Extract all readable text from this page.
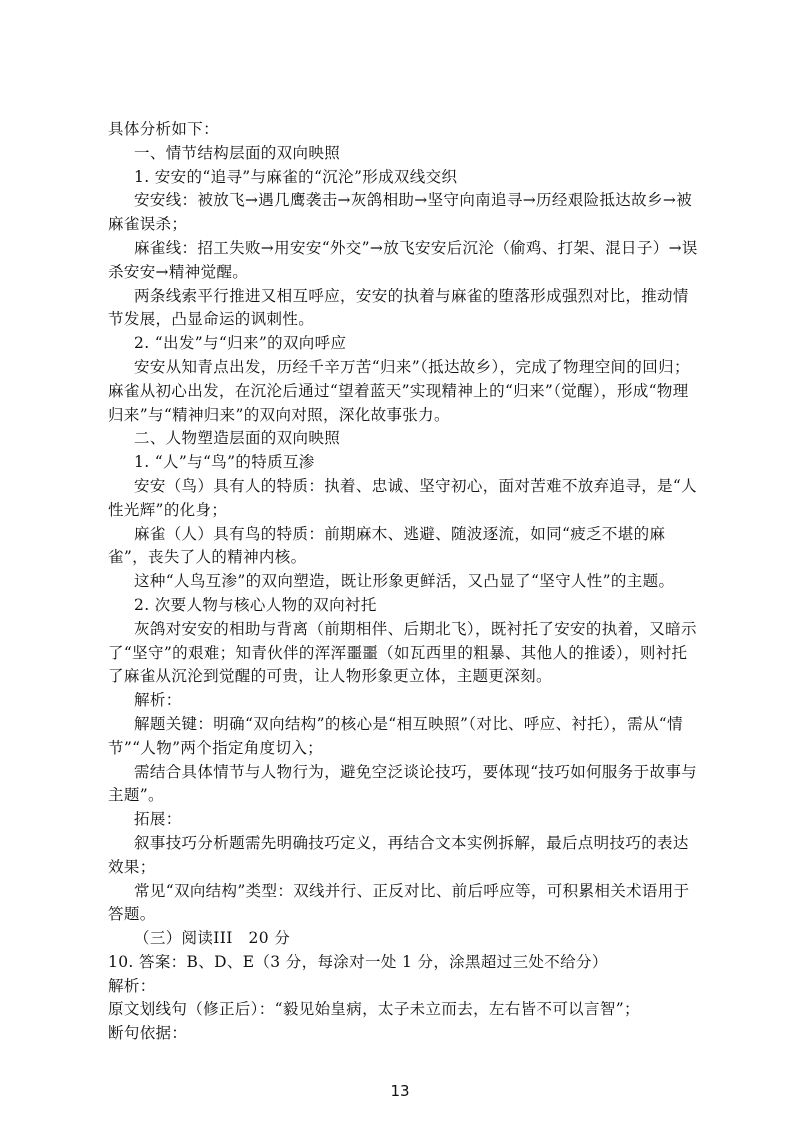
具体分析如下：

一、情节结构层面的双向映照

1. 安安的“追寻”与麻雀的“沉沦”形成双线交织

安安线：被放飞→遇几鹰袭击→灰鸽相助→坚守向南追寻→历经艰险抵达故乡→被麻雀误杀；

麻雀线：招工失败→用安安“外交”→放飞安安后沉沦（偷鸡、打架、混日子）→误杀安安→精神觉醒。

两条线索平行推进又相互呼应，安安的执着与麻雀的堕落形成强烈对比，推动情节发展，凸显命运的讽刺性。

2. “出发”与“归来”的双向呼应

安安从知青点出发，历经千辛万苦“归来”（抵达故乡），完成了物理空间的回归；麻雀从初心出发，在沉沦后通过“望着蓝天”实现精神上的“归来”（觉醒），形成“物理归来”与“精神归来”的双向对照，深化故事张力。

二、人物塑造层面的双向映照

1. “人”与“鸟”的特质互渗

安安（鸟）具有人的特质：执着、忠诚、坚守初心，面对苦难不放弃追寻，是“人性光辉”的化身；

麻雀（人）具有鸟的特质：前期麻木、逃避、随波逐流，如同“疲乏不堪的麻雀”，丧失了人的精神内核。

这种“人鸟互渗”的双向塑造，既让形象更鲜活，又凸显了“坚守人性”的主题。

2. 次要人物与核心人物的双向衬托

灰鸽对安安的相助与背离（前期相伴、后期北飞），既衬托了安安的执着，又暗示了“坚守”的艰难；知青伙伴的浑浑噩噩（如瓦西里的粗暴、其他人的推诿），则衬托了麻雀从沉沦到觉醒的可贵，让人物形象更立体，主题更深刻。

解析：

解题关键：明确“双向结构”的核心是“相互映照”（对比、呼应、衬托），需从“情节”“人物”两个指定角度切入；

需结合具体情节与人物行为，避免空泛谈论技巧，要体现“技巧如何服务于故事与主题”。

拓展：

叙事技巧分析题需先明确技巧定义，再结合文本实例拆解，最后点明技巧的表达效果；

常见“双向结构”类型：双线并行、正反对比、前后呼应等，可积累相关术语用于答题。

（三）阅读III　20 分

10. 答案：B、D、E（3 分，每涂对一处 1 分，涂黑超过三处不给分）

解析：

原文划线句（修正后）：“毅见始皇病，太子未立而去，左右皆不可以言智”；

断句依据：

13
